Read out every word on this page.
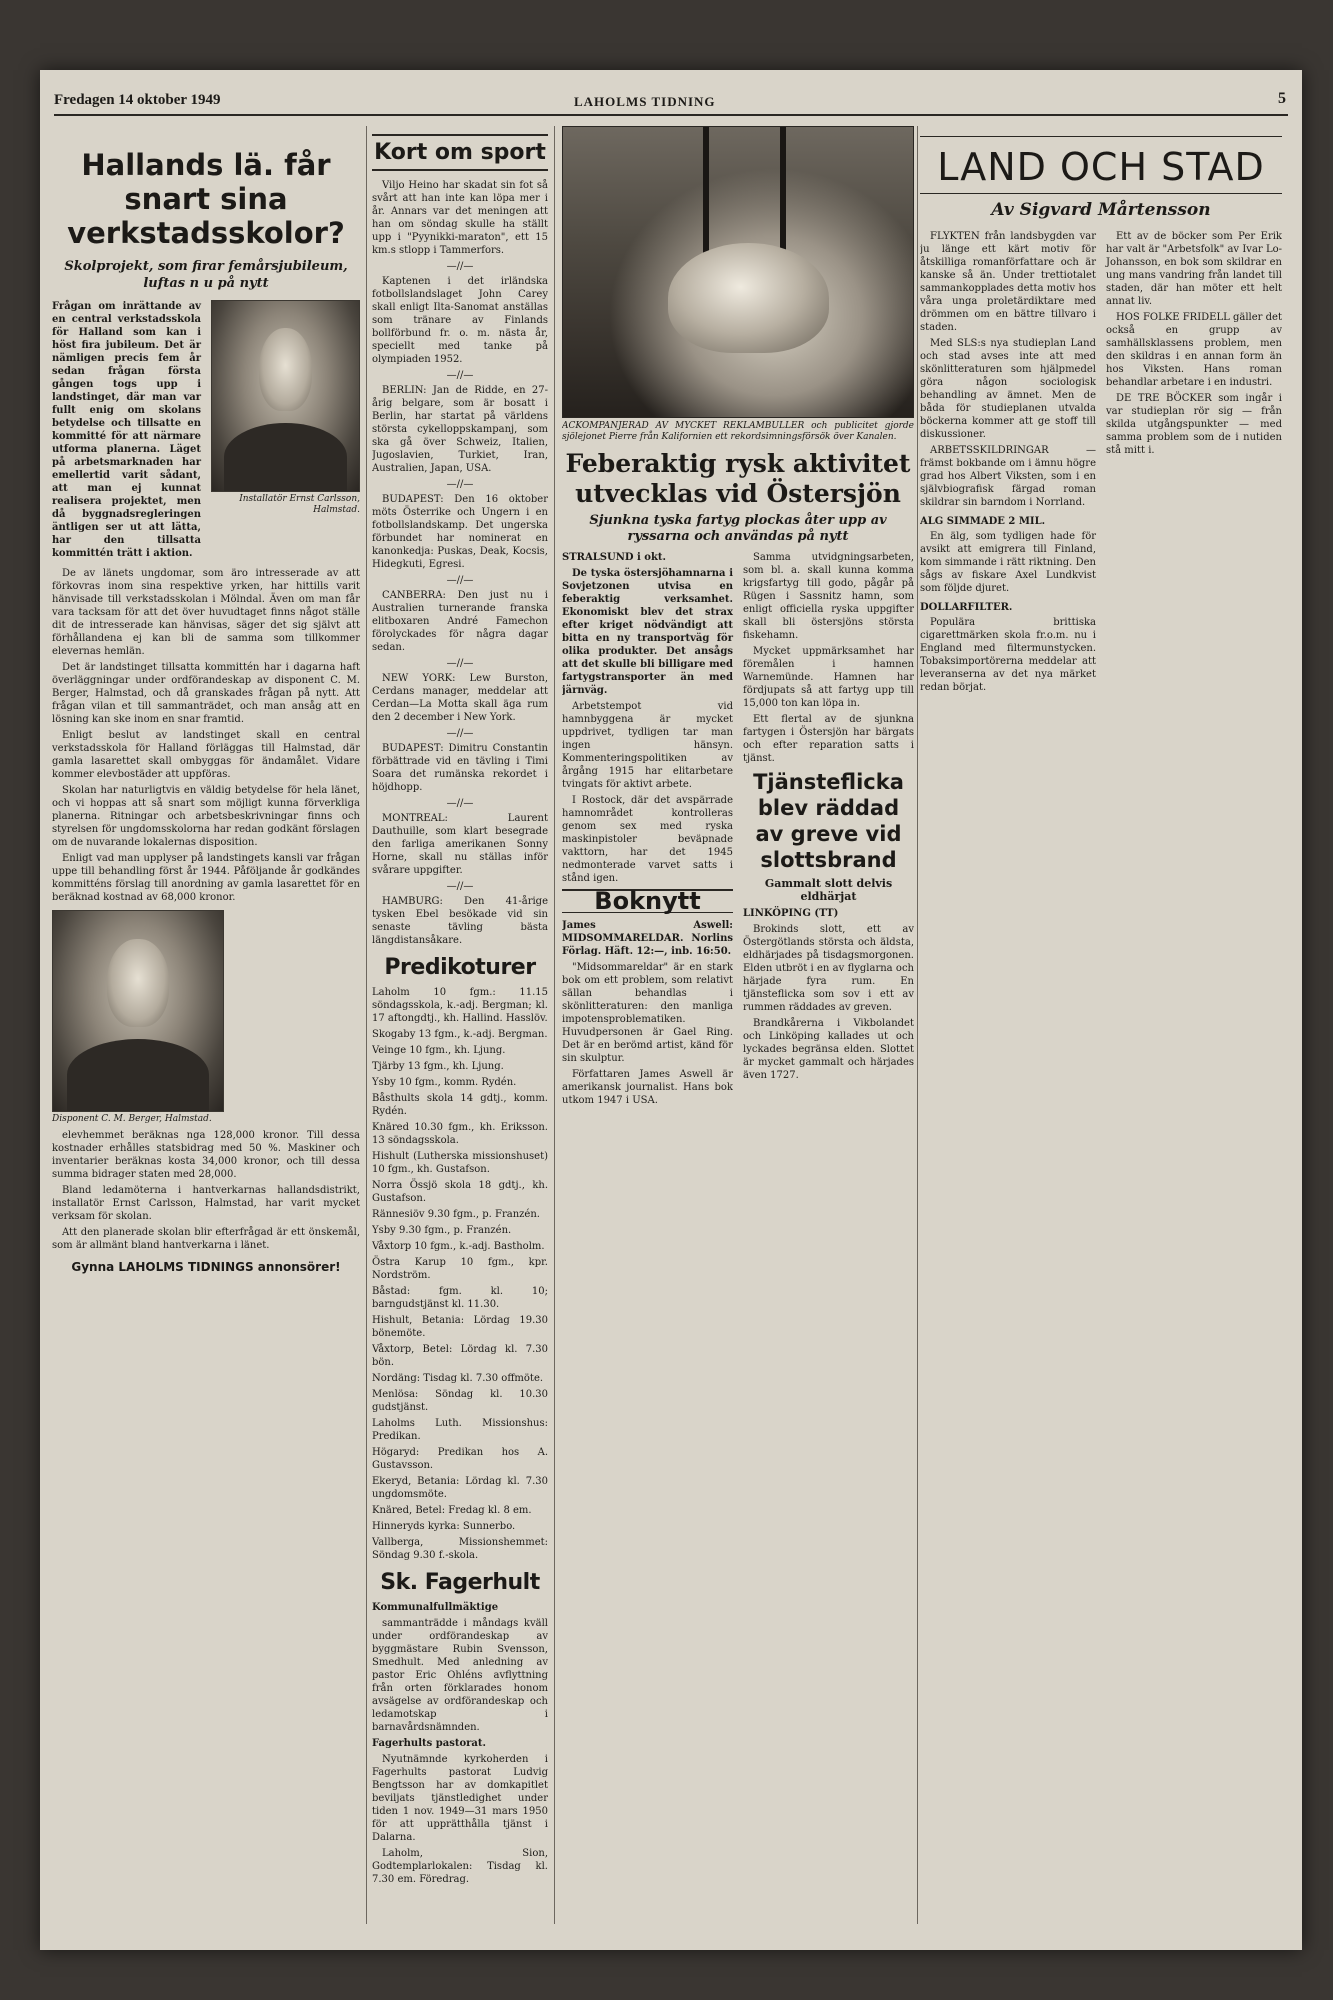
Fredagen 14 oktober 1949	LAHOLMS TIDNING	5
Hallands lä. får snart sina verkstadsskolor?
Skolprojekt, som firar femårsjubileum, luftas n u på nytt

Frågan om inrättande av en central verkstadsskola för Halland som kan i höst fira jubileum. Det är nämligen precis fem år sedan frågan första gången togs upp i landstinget, där man var fullt enig om skolans betydelse och tillsatte en kommitté för att närmare utforma planerna. Läget på arbetsmarknaden har emellertid varit sådant, att man ej kunnat realisera projektet, men då byggnadsregleringen äntligen ser ut att lätta, har den tillsatta kommittén trätt i aktion.

Installatör Ernst Carlsson, Halmstad.

De av länets ungdomar, som äro intresserade av att förkovras inom sina respektive yrken, har hittills varit hänvisade till verkstadsskolan i Mölndal. Även om man får vara tacksam för att det över huvudtaget finns något ställe dit de intresserade kan hänvisas, säger det sig självt att förhållandena ej kan bli de samma som tillkommer elevernas hemlän.

Det är landstinget tillsatta kommittén har i dagarna haft överläggningar under ordförandeskap av disponent C. M. Berger, Halmstad, och då granskades frågan på nytt. Att frågan vilan et till sammanträdet, och man ansåg att en lösning kan ske inom en snar framtid.

Enligt beslut av landstinget skall en central verkstadsskola för Halland förläggas till Halmstad, där gamla lasarettet skall ombyggas för ändamålet. Vidare kommer elevbostäder att uppföras.

Skolan har naturligtvis en väldig betydelse för hela länet, och vi hoppas att så snart som möjligt kunna förverkliga planerna. Ritningar och arbetsbeskrivningar finns och styrelsen för ungdomsskolorna har redan godkänt förslagen om de nuvarande lokalernas disposition.

Enligt vad man upplyser på landstingets kansli var frågan uppe till behandling först år 1944. Påföljande år godkändes kommitténs förslag till anordning av gamla lasarettet för en beräknad kostnad av 68,000 kronor.

Disponent C. M. Berger, Halmstad.

elevhemmet beräknas nga 128,000 kronor. Till dessa kostnader erhålles statsbidrag med 50 %. Maskiner och inventarier beräknas kosta 34,000 kronor, och till dessa summa bidrager staten med 28,000.

Bland ledamöterna i hantverkarnas hallandsdistrikt, installatör Ernst Carlsson, Halmstad, har varit mycket verksam för skolan.

Att den planerade skolan blir efterfrågad är ett önskemål, som är allmänt bland hantverkarna i länet.

Gynna LAHOLMS TIDNINGS annonsörer!
Kort om sport

Viljo Heino har skadat sin fot så svårt att han inte kan löpa mer i år. Annars var det meningen att han om söndag skulle ha ställt upp i "Pyynikki-maraton", ett 15 km.s stlopp i Tammerfors.

—//—

Kaptenen i det irländska fotbollslandslaget John Carey skall enligt Ilta-Sanomat anställas som tränare av Finlands bollförbund fr. o. m. nästa år, speciellt med tanke på olympiaden 1952.

—//—

BERLIN: Jan de Ridde, en 27-årig belgare, som är bosatt i Berlin, har startat på världens största cykelloppskampanj, som ska gå över Schweiz, Italien, Jugoslavien, Turkiet, Iran, Australien, Japan, USA.

—//—

BUDAPEST: Den 16 oktober möts Österrike och Ungern i en fotbollslandskamp. Det ungerska förbundet har nominerat en kanonkedja: Puskas, Deak, Kocsis, Hidegkuti, Egresi.

—//—

CANBERRA: Den just nu i Australien turnerande franska elitboxaren André Famechon förolyckades för några dagar sedan.

—//—

NEW YORK: Lew Burston, Cerdans manager, meddelar att Cerdan—La Motta skall äga rum den 2 december i New York.

—//—

BUDAPEST: Dimitru Constantin förbättrade vid en tävling i Timi Soara det rumänska rekordet i höjdhopp.

—//—

MONTREAL: Laurent Dauthuille, som klart besegrade den farliga amerikanen Sonny Horne, skall nu ställas inför svårare uppgifter.

—//—

HAMBURG: Den 41-årige tysken Ebel besökade vid sin senaste tävling bästa längdistansåkare.

Predikoturer

Laholm 10 fgm.: 11.15 söndagsskola, k.-adj. Bergman; kl. 17 aftongdtj., kh. Hallind. Hasslöv.

Skogaby 13 fgm., k.-adj. Bergman.

Veinge 10 fgm., kh. Ljung.

Tjärby 13 fgm., kh. Ljung.

Ysby 10 fgm., komm. Rydén.

Båsthults skola 14 gdtj., komm. Rydén.

Knäred 10.30 fgm., kh. Eriksson. 13 söndagsskola.

Hishult (Lutherska missionshuset) 10 fgm., kh. Gustafson.

Norra Össjö skola 18 gdtj., kh. Gustafson.

Rännesiöv 9.30 fgm., p. Franzén.

Ysby 9.30 fgm., p. Franzén.

Våxtorp 10 fgm., k.-adj. Bastholm.

Östra Karup 10 fgm., kpr. Nordström.

Båstad: fgm. kl. 10; barngudstjänst kl. 11.30.

Hishult, Betania: Lördag 19.30 bönemöte.

Våxtorp, Betel: Lördag kl. 7.30 bön.

Nordäng: Tisdag kl. 7.30 offmöte.

Menlösa: Söndag kl. 10.30 gudstjänst.

Laholms Luth. Missionshus: Predikan.

Högaryd: Predikan hos A. Gustavsson.

Ekeryd, Betania: Lördag kl. 7.30 ungdomsmöte.

Knäred, Betel: Fredag kl. 8 em.

Hinneryds kyrka: Sunnerbo.

Vallberga, Missionshemmet: Söndag 9.30 f.-skola.

Sk. Fagerhult

Kommunalfullmäktige

sammanträdde i måndags kväll under ordförandeskap av byggmästare Rubin Svensson, Smedhult. Med anledning av pastor Eric Ohléns avflyttning från orten förklarades honom avsägelse av ordförandeskap och ledamotskap i barnavårdsnämnden.

Fagerhults pastorat.

Nyutnämnde kyrkoherden i Fagerhults pastorat Ludvig Bengtsson har av domkapitlet beviljats tjänstledighet under tiden 1 nov. 1949—31 mars 1950 för att upprätthålla tjänst i Dalarna.

Laholm, Sion, Godtemplarlokalen: Tisdag kl. 7.30 em. Föredrag.

ACKOMPANJERAD AV MYCKET REKLAMBULLER och publicitet gjorde sjölejonet Pierre från Kalifornien ett rekordsimningsförsök över Kanalen.
Feberaktig rysk aktivitet utvecklas vid Östersjön
Sjunkna tyska fartyg plockas åter upp av ryssarna och användas på nytt

STRALSUND i okt.

De tyska östersjöhamnarna i Sovjetzonen utvisa en feberaktig verksamhet. Ekonomiskt blev det strax efter kriget nödvändigt att bitta en ny transportväg för olika produkter. Det ansågs att det skulle bli billigare med fartygstransporter än med järnväg.

Arbetstempot vid hamnbyggena är mycket uppdrivet, tydligen tar man ingen hänsyn. Kommenteringspolitiken av årgång 1915 har elitarbetare tvingats för aktivt arbete.

I Rostock, där det avspärrade hamnområdet kontrolleras genom sex med ryska maskinpistoler beväpnade vakttorn, har det 1945 nedmonterade varvet satts i stånd igen.

Boknytt

James Aswell: MIDSOMMARELDAR. Norlins Förlag. Häft. 12:—, inb. 16:50.

"Midsommareldar" är en stark bok om ett problem, som relativt sällan behandlas i skönlitteraturen: den manliga impotensproblematiken. Huvudpersonen är Gael Ring. Det är en berömd artist, känd för sin skulptur.

Författaren James Aswell är amerikansk journalist. Hans bok utkom 1947 i USA.

Samma utvidgningsarbeten, som bl. a. skall kunna komma krigsfartyg till godo, pågår på Rügen i Sassnitz hamn, som enligt officiella ryska uppgifter skall bli östersjöns största fiskehamn.

Mycket uppmärksamhet har föremålen i hamnen Warnemünde. Hamnen har fördjupats så att fartyg upp till 15,000 ton kan löpa in.

Ett flertal av de sjunkna fartygen i Östersjön har bärgats och efter reparation satts i tjänst.

Tjänsteflicka blev räddad av greve vid slottsbrand
Gammalt slott delvis eldhärjat

LINKÖPING (TT)

Brokinds slott, ett av Östergötlands största och äldsta, eldhärjades på tisdagsmorgonen. Elden utbröt i en av flyglarna och härjade fyra rum. En tjänsteflicka som sov i ett av rummen räddades av greven.

Brandkårerna i Vikbolandet och Linköping kallades ut och lyckades begränsa elden. Slottet är mycket gammalt och härjades även 1727.

LAND OCH STAD
Av Sigvard Mårtensson

FLYKTEN från landsbygden var ju länge ett kärt motiv för åtskilliga romanförfattare och är kanske så än. Under trettiotalet sammankopplades detta motiv hos våra unga proletärdiktare med drömmen om en bättre tillvaro i staden.

Med SLS:s nya studieplan Land och stad avses inte att med skönlitteraturen som hjälpmedel göra någon sociologisk behandling av ämnet. Men de båda för studieplanen utvalda böckerna kommer att ge stoff till diskussioner.

ARBETSSKILDRINGAR — främst bokbande om i ämnu högre grad hos Albert Viksten, som i en självbiografisk färgad roman skildrar sin barndom i Norrland.

ALG SIMMADE 2 MIL.

En älg, som tydligen hade för avsikt att emigrera till Finland, kom simmande i rätt riktning. Den sågs av fiskare Axel Lundkvist som följde djuret.

DOLLARFILTER.

Populära brittiska cigarettmärken skola fr.o.m. nu i England med filtermunstycken. Tobaksimportörerna meddelar att leveranserna av det nya märket redan börjat.

Ett av de böcker som Per Erik har valt är "Arbetsfolk" av Ivar Lo-Johansson, en bok som skildrar en ung mans vandring från landet till staden, där han möter ett helt annat liv.

HOS FOLKE FRIDELL gäller det också en grupp av samhällsklassens problem, men den skildras i en annan form än hos Viksten. Hans roman behandlar arbetare i en industri.

DE TRE BÖCKER som ingår i var studieplan rör sig — från skilda utgångspunkter — med samma problem som de i nutiden stå mitt i.
